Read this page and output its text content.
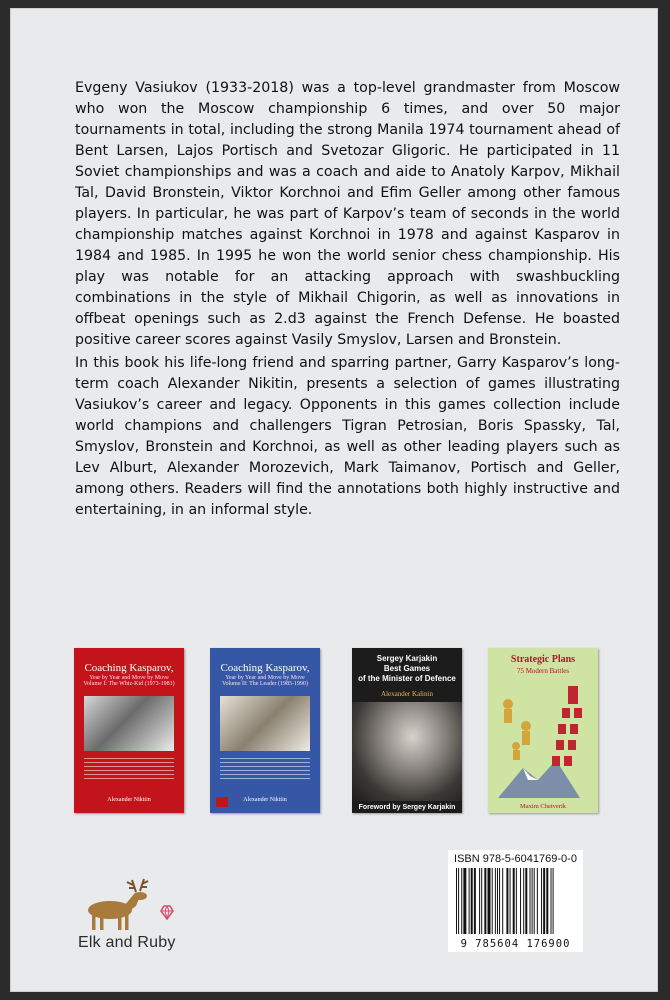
Evgeny Vasiukov (1933-2018) was a top-level grandmaster from Moscow who won the Moscow championship 6 times, and over 50 major tournaments in total, including the strong Manila 1974 tournament ahead of Bent Larsen, Lajos Portisch and Svetozar Gligoric. He participated in 11 Soviet championships and was a coach and aide to Anatoly Karpov, Mikhail Tal, David Bronstein, Viktor Korchnoi and Efim Geller among other famous players. In particular, he was part of Karpov’s team of seconds in the world championship matches against Korchnoi in 1978 and against Kasparov in 1984 and 1985. In 1995 he won the world senior chess championship. His play was notable for an attacking approach with swashbuckling combinations in the style of Mikhail Chigorin, as well as innovations in offbeat openings such as 2.d3 against the French Defense. He boasted positive career scores against Vasily Smyslov, Larsen and Bronstein.

In this book his life-long friend and sparring partner, Garry Kasparov’s long-term coach Alexander Nikitin, presents a selection of games illustrating Vasiukov’s career and legacy. Opponents in this games collection include world champions and challengers Tigran Petrosian, Boris Spassky, Tal, Smyslov, Bronstein and Korchnoi, as well as other leading players such as Lev Alburt, Alexander Morozevich, Mark Taimanov, Portisch and Geller, among others. Readers will find the annotations both highly instructive and entertaining, in an informal style.

Coaching Kasparov,
Year by Year and Move by Move
Volume I: The Whiz-Kid (1973-1981)
Alexander Nikitin
Coaching Kasparov,
Year by Year and Move by Move
Volume II: The Leader (1985-1990)
Alexander Nikitin
Sergey Karjakin
Best Games
of the Minister of Defence
Alexander Kalinin
Foreword by Sergey Karjakin
Strategic Plans
75 Modern Battles
Maxim Chetverik
ISBN 978-5-6041769-0-0
9 785604 176900
Elk and Ruby
